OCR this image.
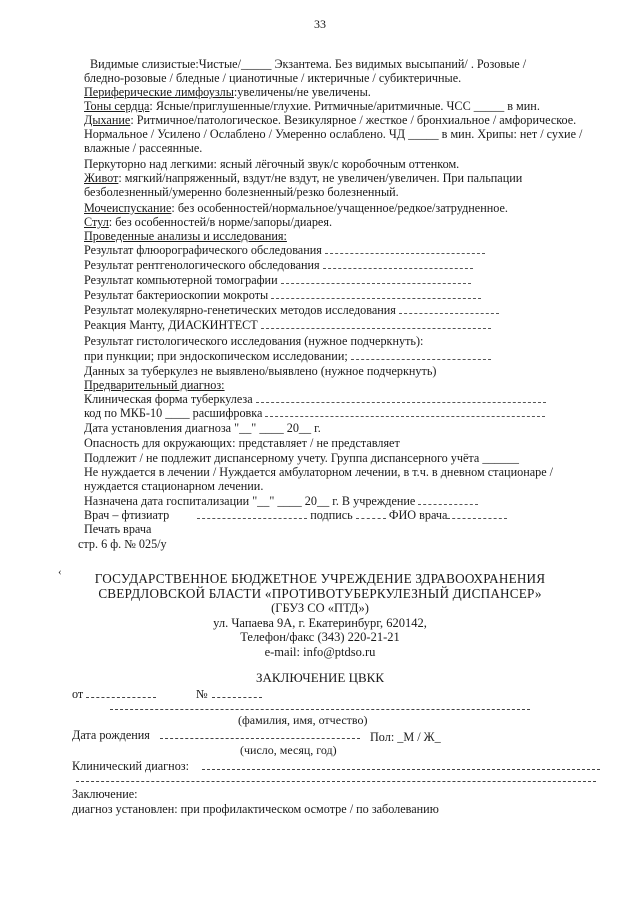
33
Видимые слизистые:Чистые/_____ Экзантема. Без видимых высыпаний/ . Розовые /
бледно-розовые / бледные / цианотичные / иктеричные / субиктеричные.
Периферические лимфоузлы:увеличены/не увеличены.
Тоны сердца: Ясные/приглушенные/глухие. Ритмичные/аритмичные. ЧСС _____ в мин.
Дыхание: Ритмичное/патологическое. Везикулярное / жесткое / бронхиальное / амфорическое.
Нормальное / Усилено / Ослаблено / Умеренно ослаблено. ЧД _____ в мин. Хрипы: нет / сухие /
влажные / рассеянные.
Перкуторно над легкими: ясный лёгочный звук/с коробочным оттенком.
Живот: мягкий/напряженный, вздут/не вздут, не увеличен/увеличен. При пальпации
безболезненный/умеренно болезненный/резко болезненный.
Мочеиспускание: без особенностей/нормальное/учащенное/редкое/затрудненное.
Стул: без особенностей/в норме/запоры/диарея.
Проведенные анализы и исследования:
Результат флюорографического обследования
Результат рентгенологического обследования
Результат компьютерной томографии
Результат бактериоскопии мокроты
Результат молекулярно-генетических методов исследования
Реакция Манту, ДИАСКИНТЕСТ
Результат гистологического исследования (нужное подчеркнуть):
при пункции; при эндоскопическом исследовании;
Данных за туберкулез не выявлено/выявлено (нужное подчеркнуть)
Предварительный диагноз:
Клиническая форма туберкулеза
код по МКБ-10 ____ расшифровка
Дата установления диагноза "__" ____ 20__ г.
Опасность для окружающих: представляет / не представляет
Подлежит / не подлежит диспансерному учету. Группа диспансерного учёта ______
Не нуждается в лечении / Нуждается амбулаторном лечении, в т.ч. в дневном стационаре /
нуждается стационарном лечении.
Назначена дата госпитализации "__" ____ 20__ г. В учреждение
Врач – фтизиатр	подпись	ФИО врача
Печать врача
стр. 6 ф. № 025/у
‹	ГОСУДАРСТВЕННОЕ БЮДЖЕТНОЕ УЧРЕЖДЕНИЕ ЗДРАВООХРАНЕНИЯ
СВЕРДЛОВСКОЙ БЛАСТИ «ПРОТИВОТУБЕРКУЛЕЗНЫЙ ДИСПАНСЕР»
(ГБУЗ СО «ПТД»)
ул. Чапаева 9А, г. Екатеринбург, 620142,
Телефон/факс (343) 220-21-21
e-mail: info@ptdso.ru
ЗАКЛЮЧЕНИЕ ЦВКК
от	№
(фамилия, имя, отчество)
Дата рождения	Пол: _М / Ж_
(число, месяц, год)
Клинический диагноз:
Заключение:
диагноз установлен: при профилактическом осмотре / по заболеванию
